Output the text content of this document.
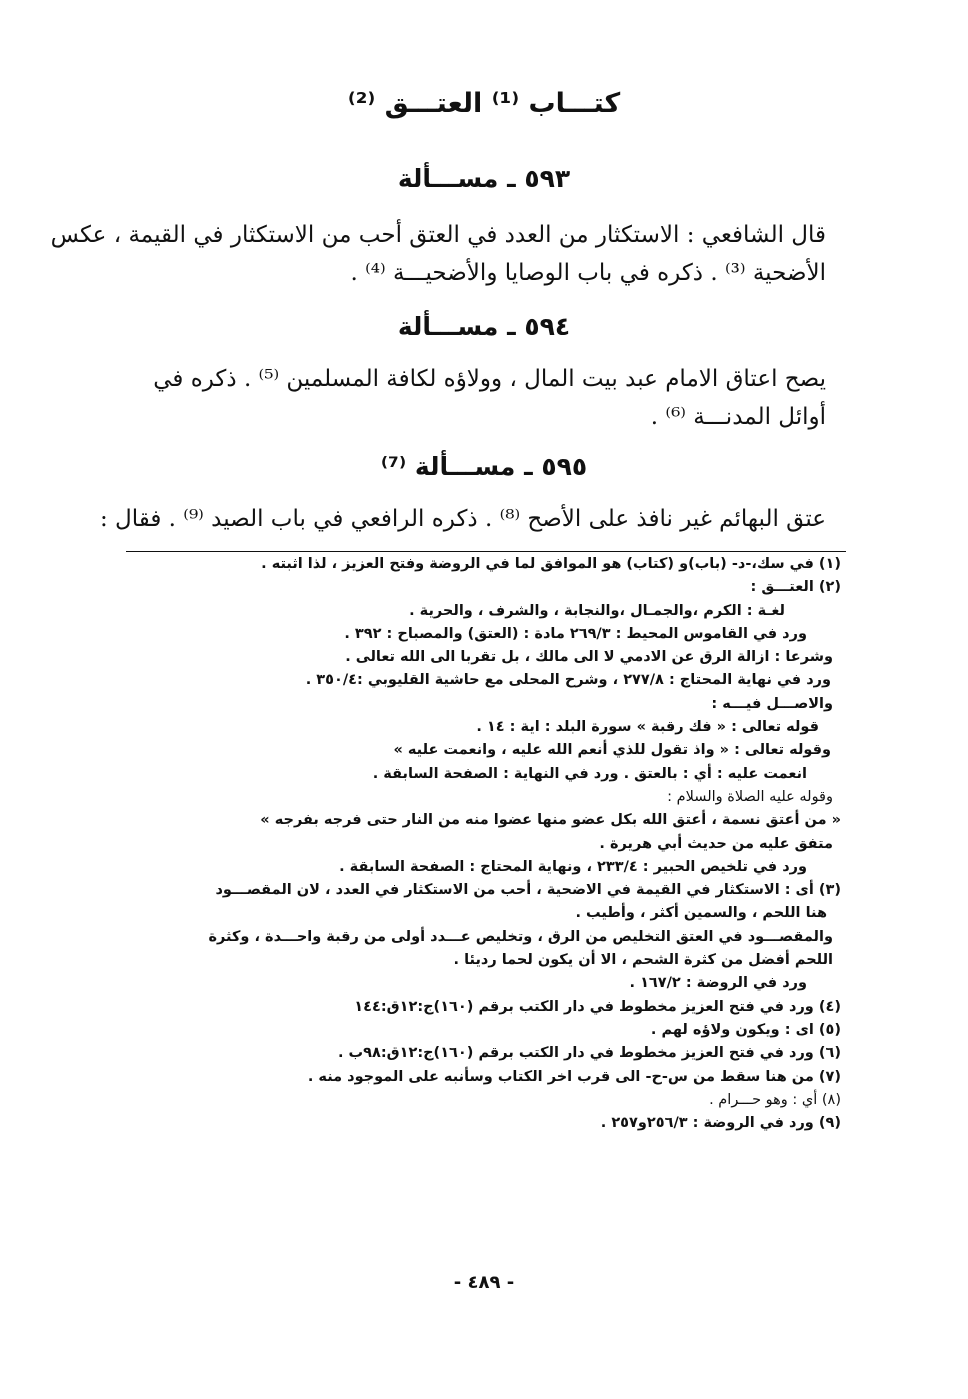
كتـــاب ⁽¹⁾ العتـــق ⁽²⁾
٥٩٣ ـ مســـألة
قال الشافعي : الاستكثار من العدد في العتق أحب من الاستكثار في القيمة ، عكس
الأضحية ⁽³⁾ . ذكره في باب الوصايا والأضحيـــة ⁽⁴⁾ .
٥٩٤ ـ مســـألة
يصح اعتاق الامام عبد بيت المال ، وولاؤه لكافة المسلمين ⁽⁵⁾ . ذكره في
أوائل المدنـــة ⁽⁶⁾ .
٥٩٥ ـ مســـألة ⁽⁷⁾
عتق البهائم غير نافذ على الأصح ⁽⁸⁾ . ذكره الرافعي في باب الصيد ⁽⁹⁾ . فقال :
(١) في سك،-د- (باب)و (كتاب) هو الموافق لما في الروضة وفتح العزيز ، لذا اثبته .
(٢) العتـــق :
لغـة : الكرم ،والجمـال ،والنجابة ، والشرف ، والحرية .
ورد في القاموس المحيط : ٢٦٩/٣ مادة : (العتق) والمصباح : ٣٩٢ .
وشرعا : ازالة الرق عن الادمي لا الى مالك ، بل تقربا الى الله تعالى .
ورد في نهاية المحتاج : ٢٧٧/٨ ، وشرح المحلى مع حاشية القليوبي :٣٥٠/٤ .
والاصـــل فيـــه :
قوله تعالى : « فك رقبة » سورة البلد : اية : ١٤ .
وقوله تعالى : « واذ تقول للذي أنعم الله عليه ، وانعمت عليه »
انعمت عليه : أي : بالعتق . ورد في النهاية : الصفحة السابقة .
وقوله عليه الصلاة والسلام :
« من أعتق نسمة ، أعتق الله بكل عضو منها عضوا منه من النار حتى فرجه بفرجه »
متفق عليه من حديث أبي هريرة .
ورد في تلخيص الحبير : ٢٣٣/٤ ، ونهاية المحتاج : الصفحة السابقة .
(٣) أى : الاستكثار في القيمة في الاضحية ، أحب من الاستكثار في العدد ، لان المقصـــود
هنا اللحم ، والسمين أكثر ، وأطيب .
والمقصـــود في العتق التخليص من الرق ، وتخليص عـــدد أولى من رقبة واحـــدة ، وكثرة
اللحم أفضل من كثرة الشحم ، الا أن يكون لحما رديئا .
ورد في الروضة : ١٦٧/٢ .
(٤) ورد في فتح العزيز مخطوط في دار الكتب برقم (١٦٠)ج:١٢ق:١٤٤
(٥) اى : ويكون ولاؤه لهم .
(٦) ورد في فتح العزيز مخطوط في دار الكتب برقم (١٦٠)ج:١٢ق:٩٨ب .
(٧) من هنا سقط من س-ح- الى قرب اخر الكتاب وسأنبه على الموجود منه .
(٨) أي : وهو حـــرام .
(٩) ورد في الروضة : ٢٥٦/٣و٢٥٧ .
- ٤٨٩ -
